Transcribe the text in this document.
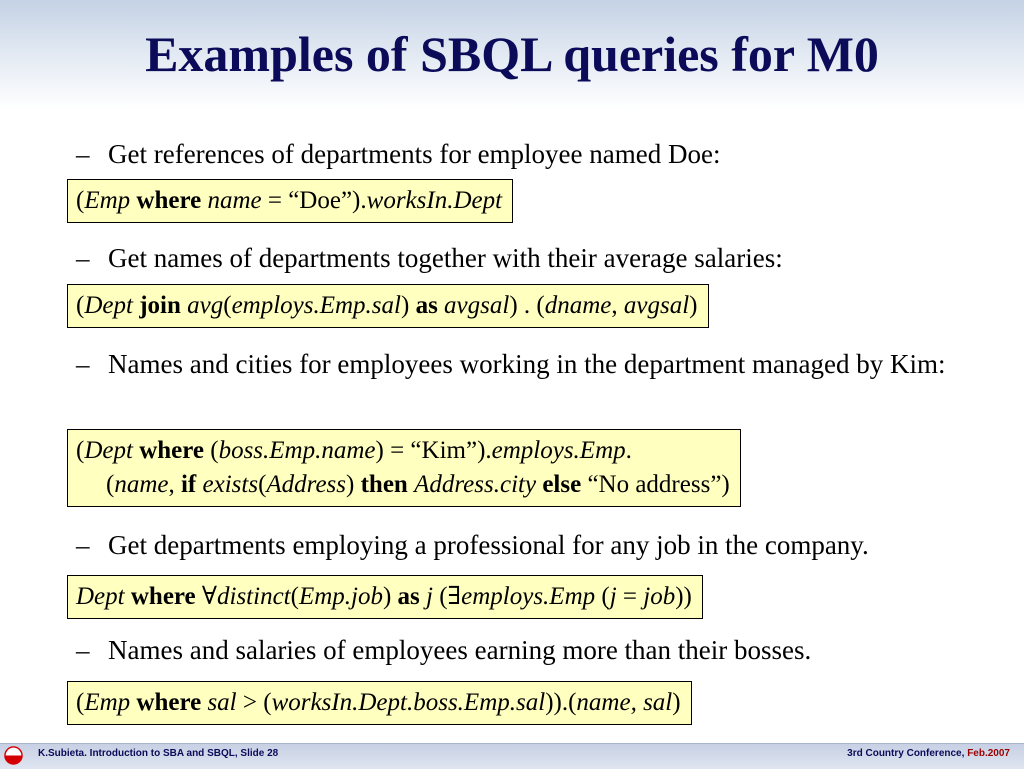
Examples of SBQL queries for M0
– Get references of departments for employee named Doe:
(Emp where name = “Doe”).worksIn.Dept
– Get names of departments together with their average salaries:
(Dept join avg(employs.Emp.sal) as avgsal) . (dname, avgsal)
– Names and cities for employees working in the department managed by Kim:
(Dept where (boss.Emp.name) = “Kim”).employs.Emp.
(name, if exists(Address) then Address.city else “No address”)
– Get departments employing a professional for any job in the company.
Dept where ∀distinct(Emp.job) as j (∃employs.Emp (j = job))
– Names and salaries of employees earning more than their bosses.
(Emp where sal > (worksIn.Dept.boss.Emp.sal)).(name, sal)
K.Subieta. Introduction to SBA and SBQL, Slide 28	3rd Country Conference, Feb.2007
